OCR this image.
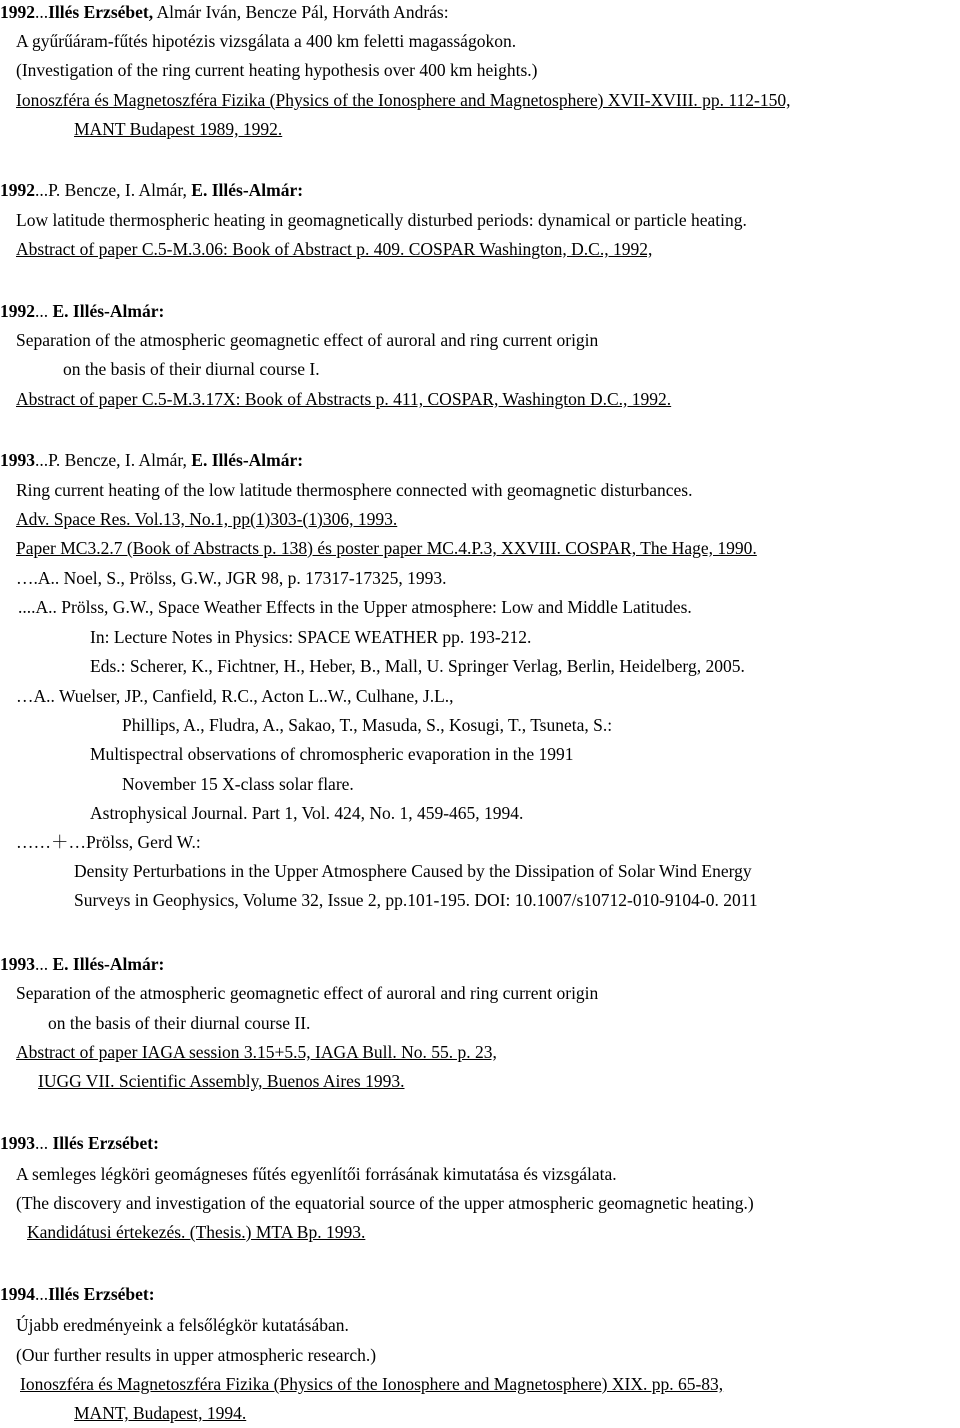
1992...Illés Erzsébet, Almár Iván, Bencze Pál, Horváth András:
A gyűrűáram-fűtés hipotézis vizsgálata a 400 km feletti magasságokon.
(Investigation of the ring current heating hypothesis over 400 km heights.)
Ionoszféra és Magnetoszféra Fizika (Physics of the Ionosphere and Magnetosphere) XVII-XVIII. pp. 112-150,
MANT Budapest 1989, 1992.
1992...P. Bencze, I. Almár, E. Illés-Almár:
Low latitude thermospheric heating in geomagnetically disturbed periods: dynamical or particle heating.
Abstract of paper C.5-M.3.06: Book of Abstract p. 409. COSPAR Washington, D.C., 1992,
1992... E. Illés-Almár:
Separation of the atmospheric geomagnetic effect of auroral and ring current origin
on the basis of their diurnal course I.
Abstract of paper C.5-M.3.17X: Book of Abstracts p. 411, COSPAR, Washington D.C., 1992.
1993...P. Bencze, I. Almár, E. Illés-Almár:
Ring current heating of the low latitude thermosphere connected with geomagnetic disturbances.
Adv. Space Res. Vol.13, No.1, pp(1)303-(1)306, 1993.
Paper MC3.2.7 (Book of Abstracts p. 138) és poster paper MC.4.P.3, XXVIII. COSPAR, The Hage, 1990.
….A.. Noel, S., Prölss, G.W., JGR 98, p. 17317-17325, 1993.
....A.. Prölss, G.W., Space Weather Effects in the Upper atmosphere: Low and Middle Latitudes.
In: Lecture Notes in Physics: SPACE WEATHER pp. 193-212.
Eds.: Scherer, K., Fichtner, H., Heber, B., Mall, U. Springer Verlag, Berlin, Heidelberg, 2005.
…A.. Wuelser, JP., Canfield, R.C., Acton L..W., Culhane, J.L.,
Phillips, A., Fludra, A., Sakao, T., Masuda, S., Kosugi, T., Tsuneta, S.:
Multispectral observations of chromospheric evaporation in the 1991
November 15 X-class solar flare.
Astrophysical Journal. Part 1, Vol. 424, No. 1, 459-465, 1994.
……＋…Prölss, Gerd W.:
Density Perturbations in the Upper Atmosphere Caused by the Dissipation of Solar Wind Energy
Surveys in Geophysics, Volume 32, Issue 2, pp.101-195. DOI: 10.1007/s10712-010-9104-0. 2011
1993... E. Illés-Almár:
Separation of the atmospheric geomagnetic effect of auroral and ring current origin
on the basis of their diurnal course II.
Abstract of paper IAGA session 3.15+5.5, IAGA Bull. No. 55. p. 23,
IUGG VII. Scientific Assembly, Buenos Aires 1993.
1993... Illés Erzsébet:
A semleges légköri geomágneses fűtés egyenlítői forrásának kimutatása és vizsgálata.
(The discovery and investigation of the equatorial source of the upper atmospheric geomagnetic heating.)
Kandidátusi értekezés. (Thesis.) MTA Bp. 1993.
1994...Illés Erzsébet:
Újabb eredményeink a felsőlégkör kutatásában.
(Our further results in upper atmospheric research.)
Ionoszféra és Magnetoszféra Fizika (Physics of the Ionosphere and Magnetosphere) XIX. pp. 65-83,
MANT, Budapest, 1994.
